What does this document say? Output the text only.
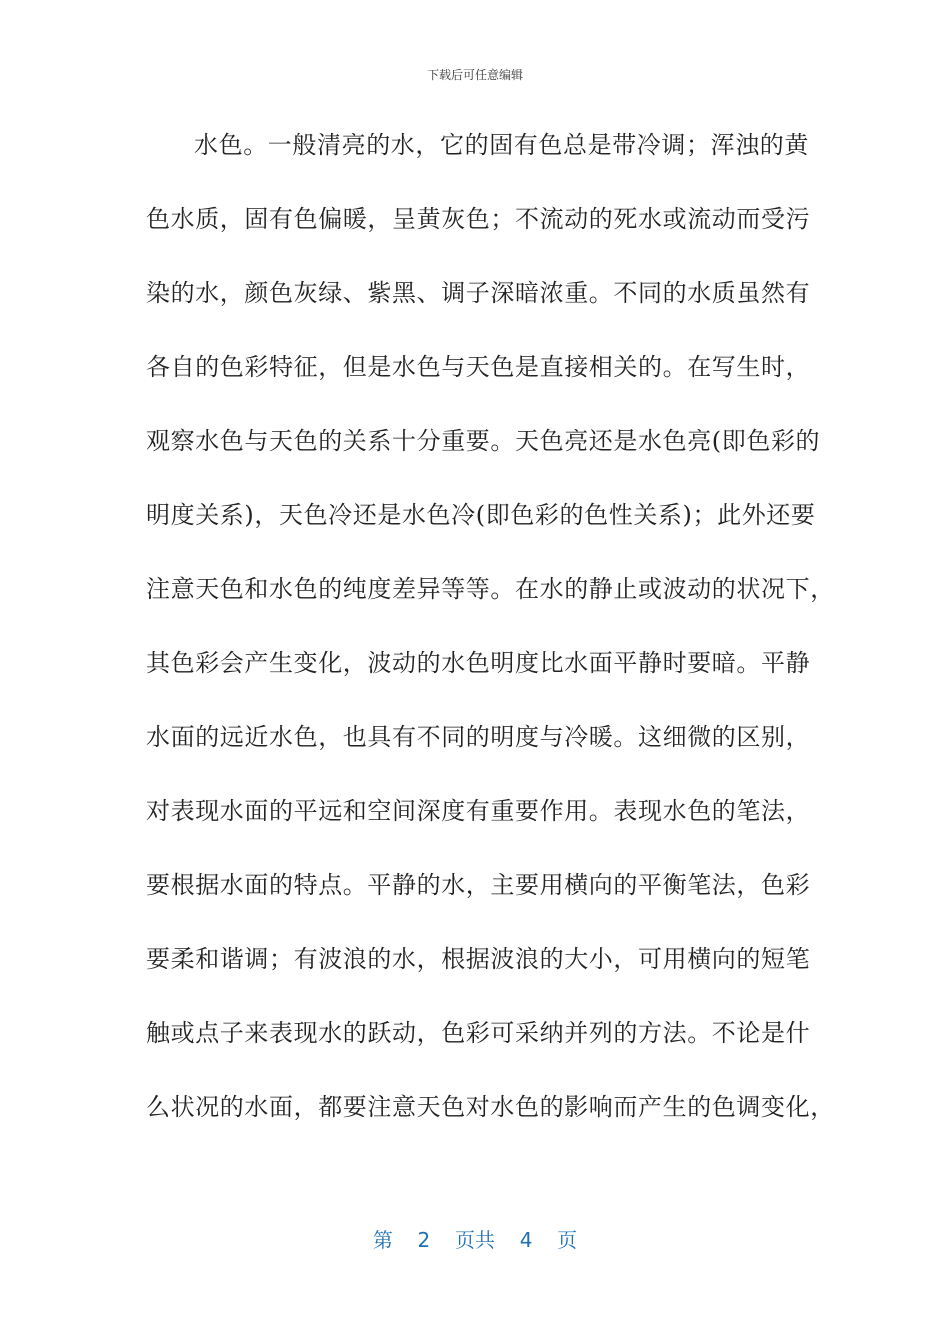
下载后可任意编辑
水色。一般清亮的水，它的固有色总是带冷调；浑浊的黄
色水质，固有色偏暖，呈黄灰色；不流动的死水或流动而受污
染的水，颜色灰绿、紫黑、调子深暗浓重。不同的水质虽然有
各自的色彩特征，但是水色与天色是直接相关的。在写生时，
观察水色与天色的关系十分重要。天色亮还是水色亮(即色彩的
明度关系)，天色冷还是水色冷(即色彩的色性关系)；此外还要
注意天色和水色的纯度差异等等。在水的静止或波动的状况下，
其色彩会产生变化，波动的水色明度比水面平静时要暗。平静
水面的远近水色，也具有不同的明度与冷暖。这细微的区别，
对表现水面的平远和空间深度有重要作用。表现水色的笔法，
要根据水面的特点。平静的水，主要用横向的平衡笔法，色彩
要柔和谐调；有波浪的水，根据波浪的大小，可用横向的短笔
触或点子来表现水的跃动，色彩可采纳并列的方法。不论是什
么状况的水面，都要注意天色对水色的影响而产生的色调变化，
第 2 页共 4 页
